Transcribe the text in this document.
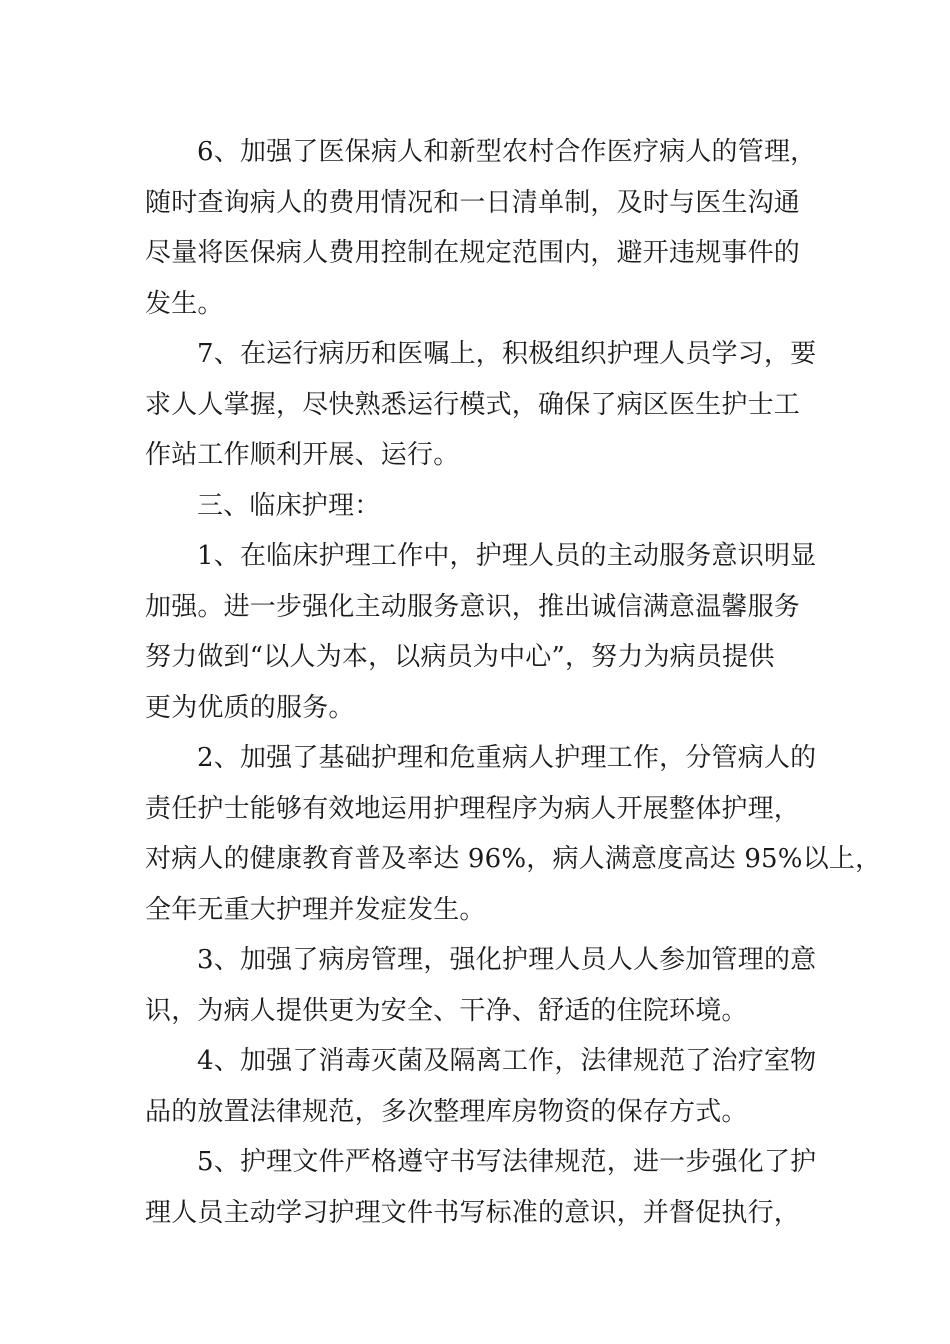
6、加强了医保病人和新型农村合作医疗病人的管理，
随时查询病人的费用情况和一日清单制，及时与医生沟通
尽量将医保病人费用控制在规定范围内，避开违规事件的
发生。
7、在运行病历和医嘱上，积极组织护理人员学习，要
求人人掌握，尽快熟悉运行模式，确保了病区医生护士工
作站工作顺利开展、运行。
三、临床护理：
1、在临床护理工作中，护理人员的主动服务意识明显
加强。进一步强化主动服务意识，推出诚信满意温馨服务
努力做到“以人为本，以病员为中心”，努力为病员提供
更为优质的服务。
2、加强了基础护理和危重病人护理工作，分管病人的
责任护士能够有效地运用护理程序为病人开展整体护理，
对病人的健康教育普及率达 96%，病人满意度高达 95%以上，
全年无重大护理并发症发生。
3、加强了病房管理，强化护理人员人人参加管理的意
识，为病人提供更为安全、干净、舒适的住院环境。
4、加强了消毒灭菌及隔离工作，法律规范了治疗室物
品的放置法律规范，多次整理库房物资的保存方式。
5、护理文件严格遵守书写法律规范，进一步强化了护
理人员主动学习护理文件书写标准的意识，并督促执行，
